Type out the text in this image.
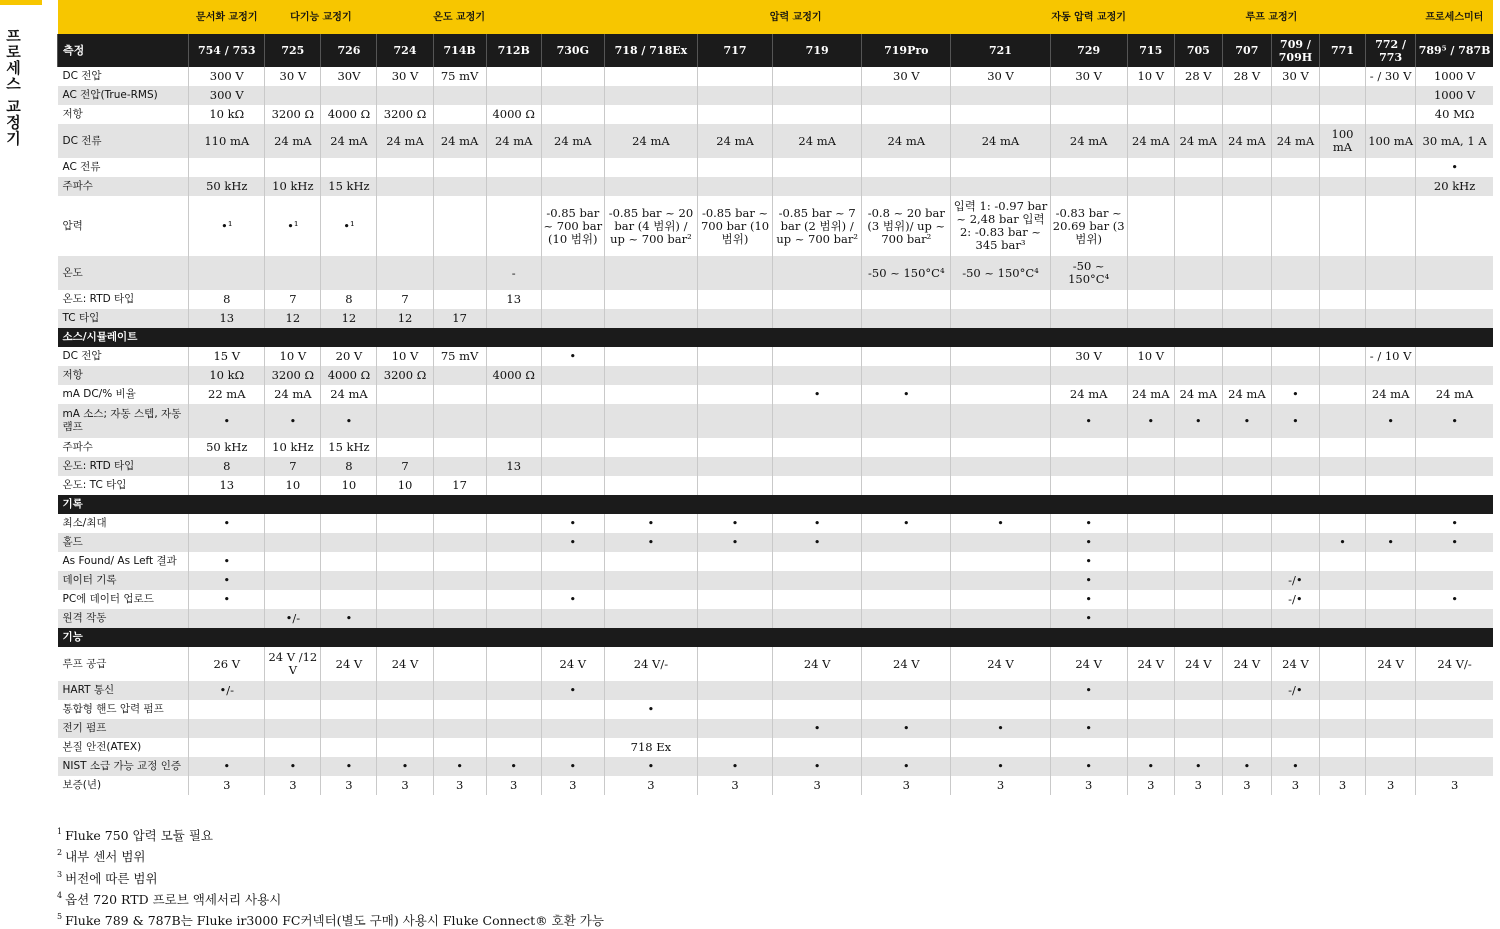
프로세스 교정기
	문서화 교정기	다기능 교정기		온도 교정기			압력 교정기						자동 압력 교정기	루프 교정기						프로세스미터
측정	754 / 753	725	726	724	714B	712B	730G	718 / 718Ex	717	719	719Pro	721	729	715	705	707	709 / 709H	771	772 / 773	789⁵ / 787B
DC 전압	300 V	30 V	30V	30 V	75 mV						30 V	30 V	30 V	10 V	28 V	28 V	30 V		- / 30 V	1000 V
AC 전압(True-RMS)	300 V																			1000 V
저항	10 kΩ	3200 Ω	4000 Ω	3200 Ω		4000 Ω														40 MΩ
DC 전류	110 mA	24 mA	24 mA	24 mA	24 mA	24 mA	24 mA	24 mA	24 mA	24 mA	24 mA	24 mA	24 mA	24 mA	24 mA	24 mA	24 mA	100 mA	100 mA	30 mA, 1 A
AC 전류																				•
주파수	50 kHz	10 kHz	15 kHz																	20 kHz
압력	•¹	•¹	•¹				-0.85 bar ~ 700 bar (10 범위)	-0.85 bar ~ 20 bar (4 범위) / up ~ 700 bar²	-0.85 bar ~ 700 bar (10 범위)	-0.85 bar ~ 7 bar (2 범위) / up ~ 700 bar²	-0.8 ~ 20 bar (3 범위)/ up ~ 700 bar²	입력 1: -0.97 bar ~ 2,48 bar 입력 2: -0.83 bar ~ 345 bar³	-0.83 bar ~ 20.69 bar (3 범위)							
온도						-					-50 ~ 150°C⁴	-50 ~ 150°C⁴	-50 ~ 150°C⁴							
온도: RTD 타입	8	7	8	7		13														
TC 타입	13	12	12	12	17															
소스/시뮬레이트																				
DC 전압	15 V	10 V	20 V	10 V	75 mV		•						30 V	10 V					- / 10 V	
저항	10 kΩ	3200 Ω	4000 Ω	3200 Ω		4000 Ω														
mA DC/% 비율	22 mA	24 mA	24 mA							•	•		24 mA	24 mA	24 mA	24 mA	•		24 mA	24 mA
mA 소스; 자동 스텝, 자동 램프	•	•	•										•	•	•	•	•		•	•
주파수	50 kHz	10 kHz	15 kHz																	
온도: RTD 타입	8	7	8	7		13														
온도: TC 타입	13	10	10	10	17															
기록																				
최소/최대	•						•	•	•	•	•	•	•							•
홀드							•	•	•	•			•					•	•	•
As Found/ As Left 결과	•												•							
데이터 기록	•												•				-/•			
PC에 데이터 업로드	•						•						•				-/•			•
원격 작동		•/-	•										•							
기능																				
루프 공급	26 V	24 V /12 V	24 V	24 V			24 V	24 V/-		24 V	24 V	24 V	24 V	24 V	24 V	24 V	24 V		24 V	24 V/-
HART 통신	•/-						•						•				-/•			
통합형 핸드 압력 펌프								•												
전기 펌프										•	•	•	•							
본질 안전(ATEX)								718 Ex												
NIST 소급 가능 교정 인증	•	•	•	•	•	•	•	•	•	•	•	•	•	•	•	•	•			
보증(년)	3	3	3	3	3	3	3	3	3	3	3	3	3	3	3	3	3	3	3	3
$^1$ Fluke 750 압력 모듈 필요
$^2$ 내부 센서 범위
$^3$ 버전에 따른 범위
$^4$ 옵션 720 RTD 프로브 액세서리 사용시
$^5$ Fluke 789 & 787B는 Fluke ir3000 FC커넥터(별도 구매) 사용시 Fluke Connect® 호환 가능
